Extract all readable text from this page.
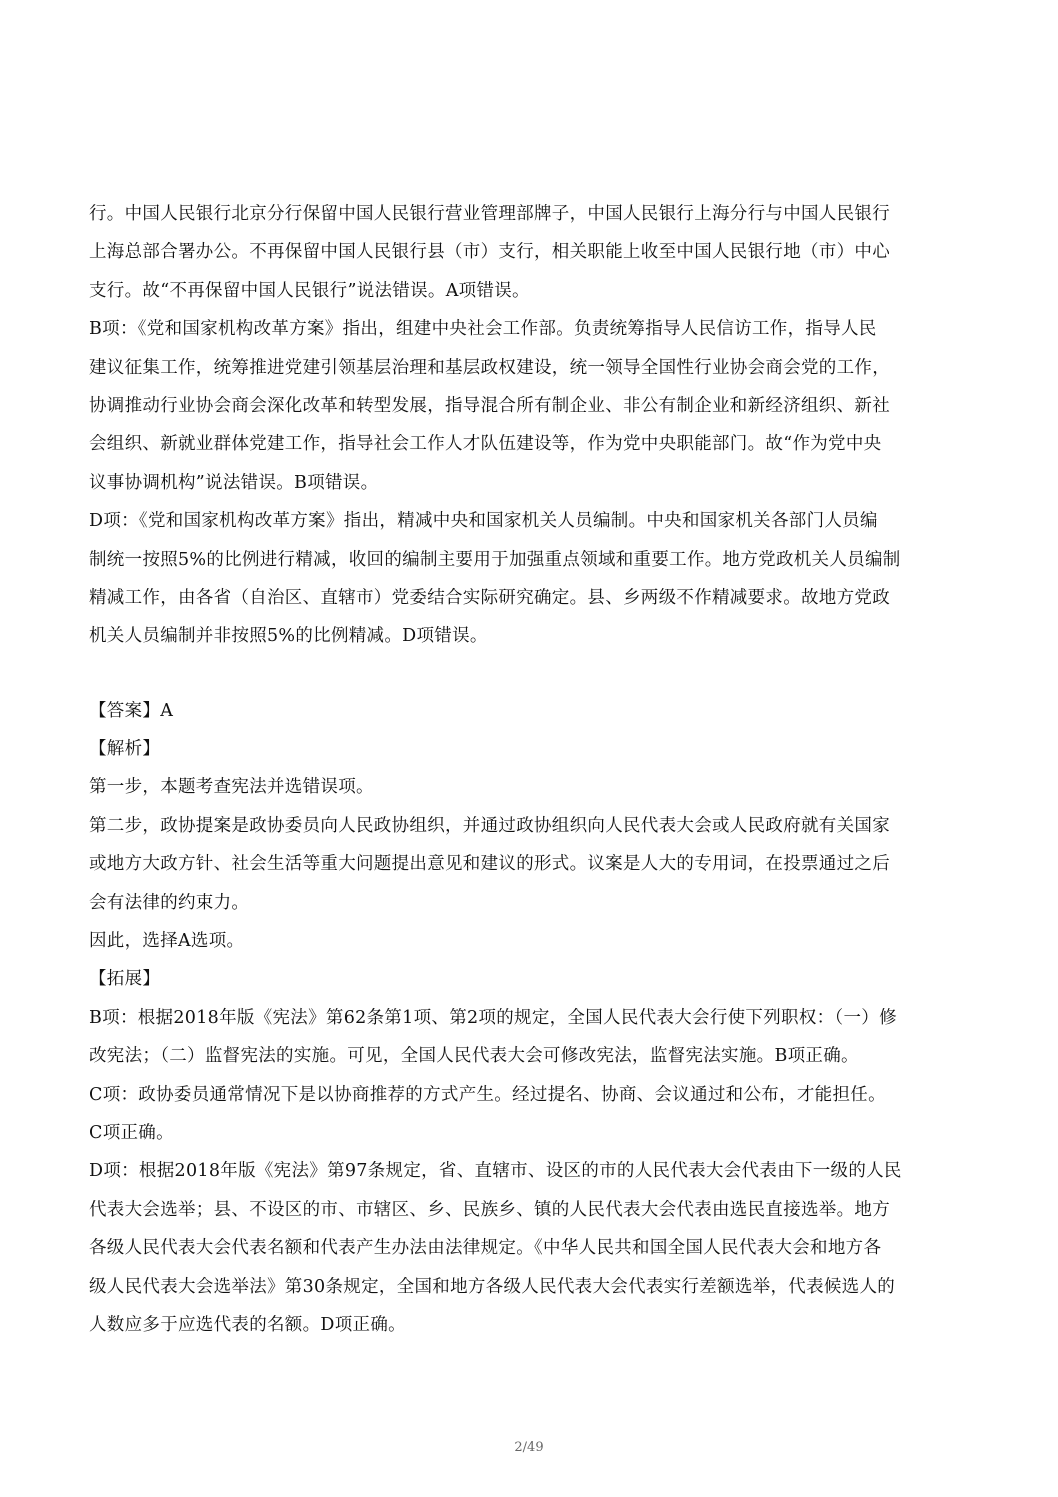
行。中国人民银行北京分行保留中国人民银行营业管理部牌子，中国人民银行上海分行与中国人民银行
上海总部合署办公。不再保留中国人民银行县（市）支行，相关职能上收至中国人民银行地（市）中心
支行。故“不再保留中国人民银行”说法错误。A项错误。
B项：《党和国家机构改革方案》指出，组建中央社会工作部。负责统筹指导人民信访工作，指导人民
建议征集工作，统筹推进党建引领基层治理和基层政权建设，统一领导全国性行业协会商会党的工作，
协调推动行业协会商会深化改革和转型发展，指导混合所有制企业、非公有制企业和新经济组织、新社
会组织、新就业群体党建工作，指导社会工作人才队伍建设等，作为党中央职能部门。故“作为党中央
议事协调机构”说法错误。B项错误。
D项：《党和国家机构改革方案》指出，精减中央和国家机关人员编制。中央和国家机关各部门人员编
制统一按照5%的比例进行精减，收回的编制主要用于加强重点领域和重要工作。地方党政机关人员编制
精减工作，由各省（自治区、直辖市）党委结合实际研究确定。县、乡两级不作精减要求。故地方党政
机关人员编制并非按照5%的比例精减。D项错误。
【答案】A
【解析】
第一步，本题考查宪法并选错误项。
第二步，政协提案是政协委员向人民政协组织，并通过政协组织向人民代表大会或人民政府就有关国家
或地方大政方针、社会生活等重大问题提出意见和建议的形式。议案是人大的专用词，在投票通过之后
会有法律的约束力。
因此，选择A选项。
【拓展】
B项：根据2018年版《宪法》第62条第1项、第2项的规定，全国人民代表大会行使下列职权：（一）修
改宪法；（二）监督宪法的实施。可见，全国人民代表大会可修改宪法，监督宪法实施。B项正确。
C项：政协委员通常情况下是以协商推荐的方式产生。经过提名、协商、会议通过和公布，才能担任。
C项正确。
D项：根据2018年版《宪法》第97条规定，省、直辖市、设区的市的人民代表大会代表由下一级的人民
代表大会选举；县、不设区的市、市辖区、乡、民族乡、镇的人民代表大会代表由选民直接选举。地方
各级人民代表大会代表名额和代表产生办法由法律规定。《中华人民共和国全国人民代表大会和地方各
级人民代表大会选举法》第30条规定，全国和地方各级人民代表大会代表实行差额选举，代表候选人的
人数应多于应选代表的名额。D项正确。
2/49
